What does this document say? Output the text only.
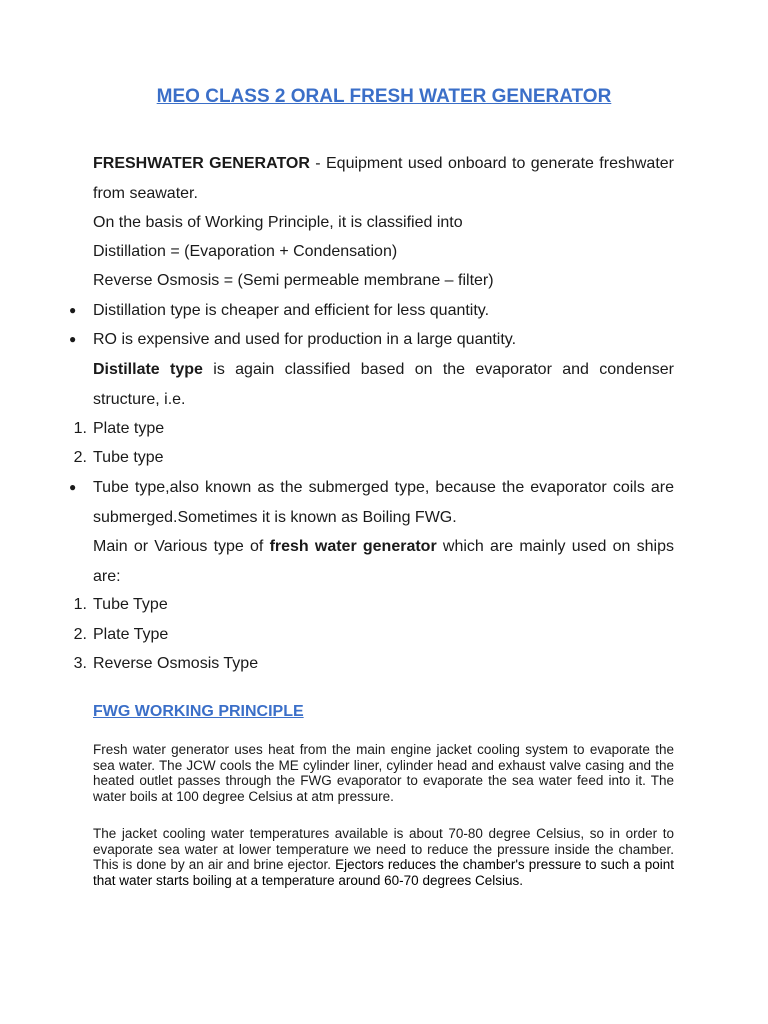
MEO CLASS 2 ORAL FRESH WATER GENERATOR
FRESHWATER GENERATOR - Equipment used onboard to generate freshwater from seawater.
On the basis of Working Principle, it is classified into
Distillation = (Evaporation + Condensation)
Reverse Osmosis = (Semi permeable membrane – filter)
● Distillation type is cheaper and efficient for less quantity.
● RO is expensive and used for production in a large quantity.
Distillate type is again classified based on the evaporator and condenser structure, i.e.
1. Plate type
2. Tube type
● Tube type,also known as the submerged type, because the evaporator coils are submerged.Sometimes it is known as Boiling FWG.
Main or Various type of fresh water generator which are mainly used on ships are:
1. Tube Type
2. Plate Type
3. Reverse Osmosis Type
FWG WORKING PRINCIPLE
Fresh water generator uses heat from the main engine jacket cooling system to evaporate the sea water. The JCW cools the ME cylinder liner, cylinder head and exhaust valve casing and the heated outlet passes through the FWG evaporator to evaporate the sea water feed into it. The water boils at 100 degree Celsius at atm pressure.
The jacket cooling water temperatures available is about 70-80 degree Celsius, so in order to evaporate sea water at lower temperature we need to reduce the pressure inside the chamber. This is done by an air and brine ejector. Ejectors reduces the chamber's pressure to such a point that water starts boiling at a temperature around 60-70 degrees Celsius.
